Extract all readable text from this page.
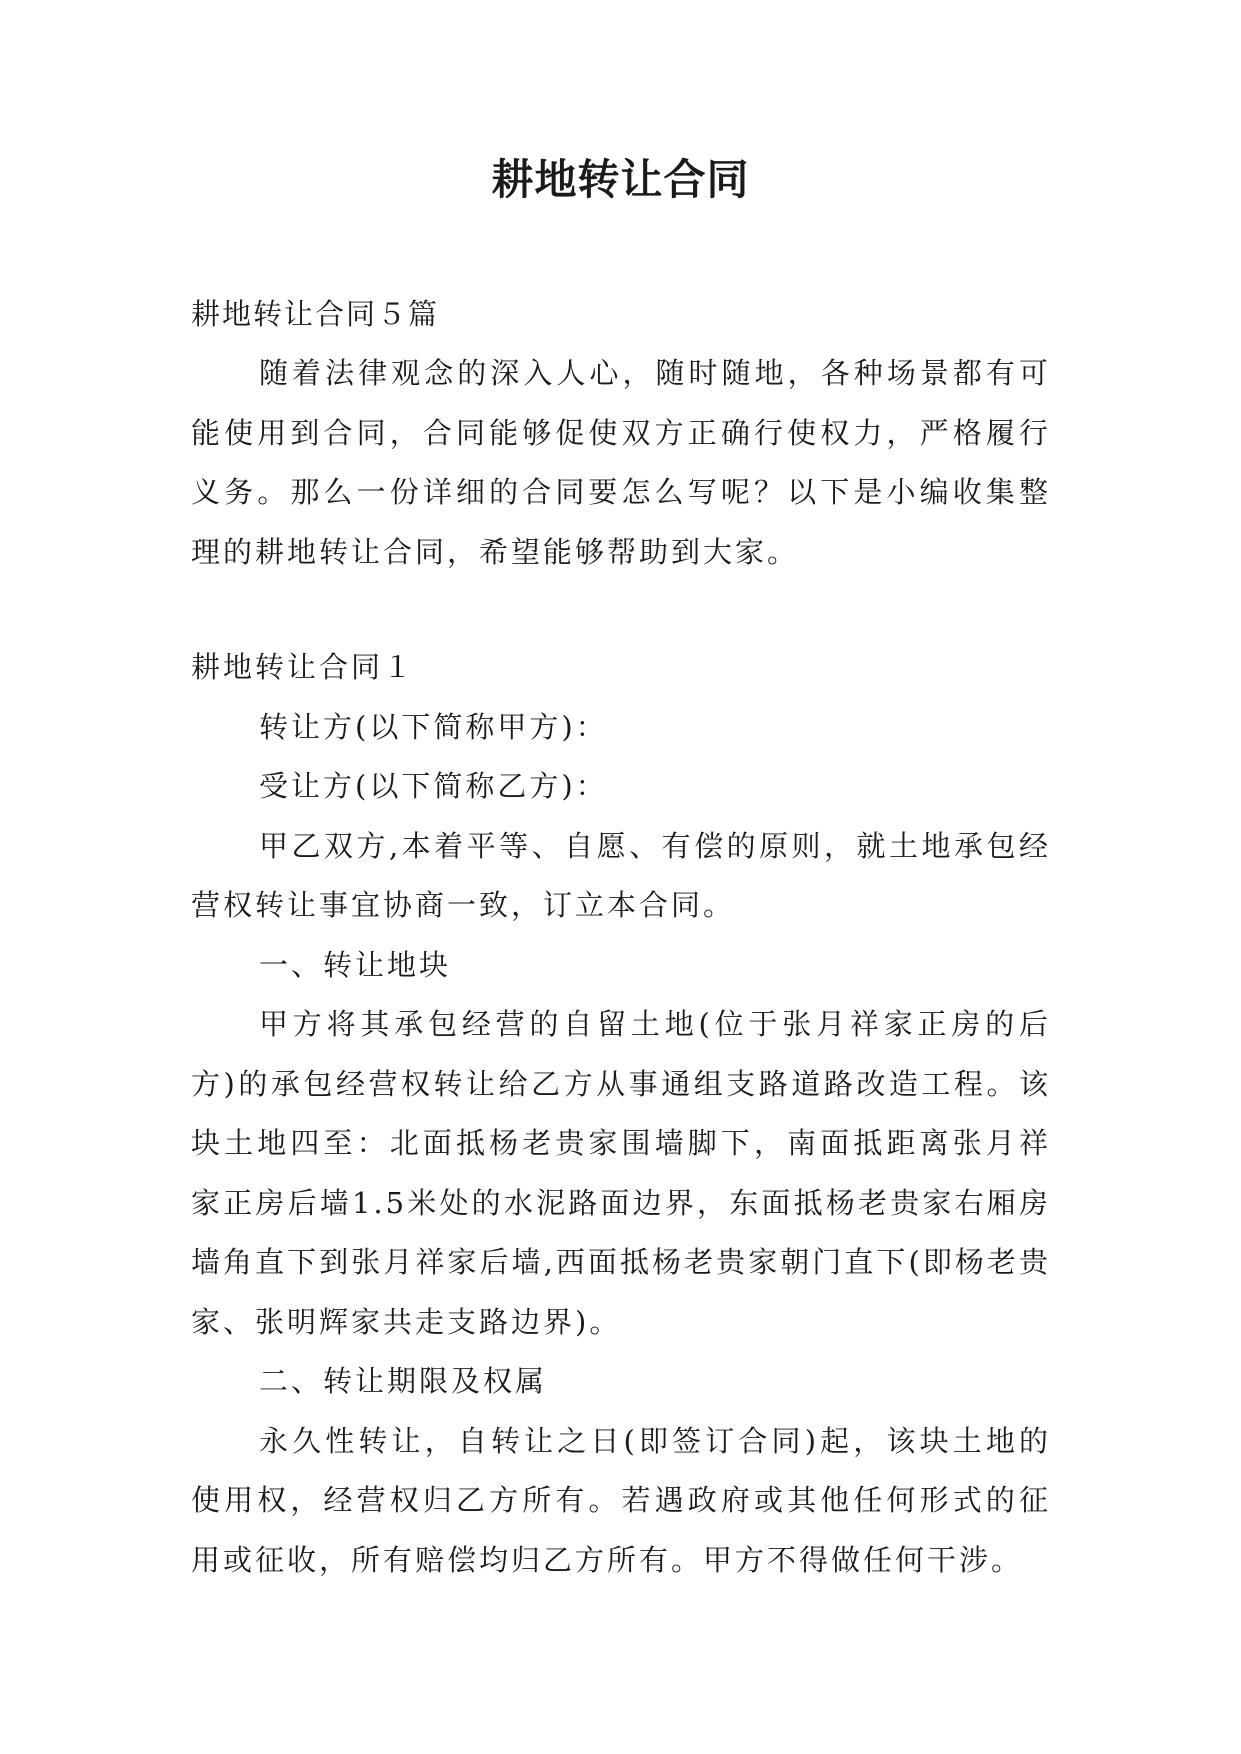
耕地转让合同
耕地转让合同５篇

随着法律观念的深入人心，随时随地，各种场景都有可能使用到合同，合同能够促使双方正确行使权力，严格履行义务。那么一份详细的合同要怎么写呢？以下是小编收集整理的耕地转让合同，希望能够帮助到大家。

耕地转让合同１

转让方(以下简称甲方)：

受让方(以下简称乙方)：

甲乙双方,本着平等、自愿、有偿的原则，就土地承包经营权转让事宜协商一致，订立本合同。

一、转让地块

甲方将其承包经营的自留土地(位于张月祥家正房的后方)的承包经营权转让给乙方从事通组支路道路改造工程。该块土地四至：北面抵杨老贵家围墙脚下，南面抵距离张月祥家正房后墙1.5米处的水泥路面边界，东面抵杨老贵家右厢房墙角直下到张月祥家后墙,西面抵杨老贵家朝门直下(即杨老贵家、张明辉家共走支路边界)。

二、转让期限及权属

永久性转让，自转让之日(即签订合同)起，该块土地的使用权，经营权归乙方所有。若遇政府或其他任何形式的征用或征收，所有赔偿均归乙方所有。甲方不得做任何干涉。
